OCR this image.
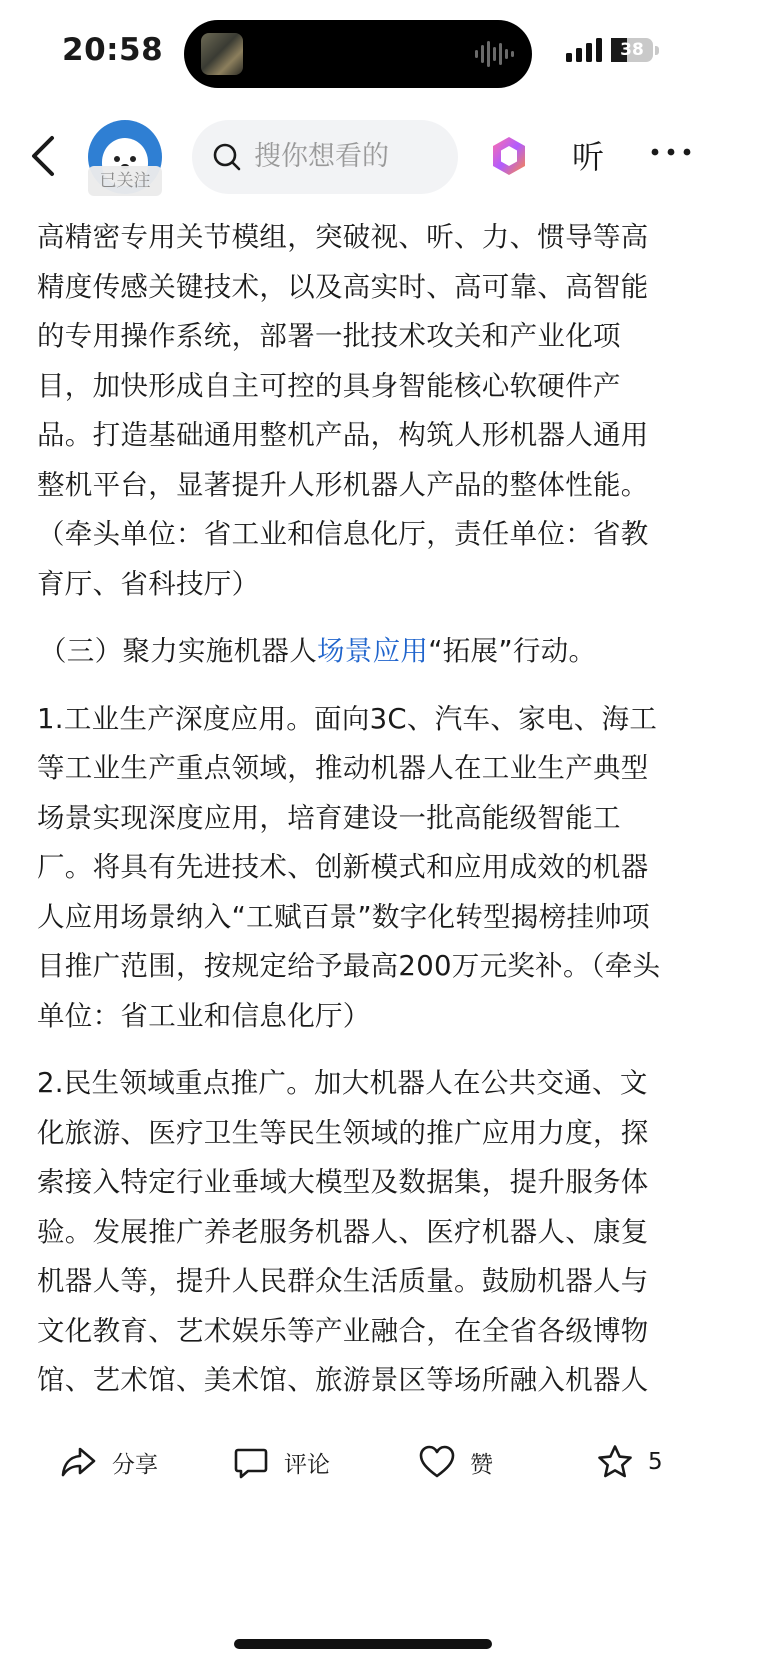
20:58	38
已关注
搜你想看的
听

高精密专用关节模组，突破视、听、力、惯导等高精度传感关键技术，以及高实时、高可靠、高智能的专用操作系统，部署一批技术攻关和产业化项目，加快形成自主可控的具身智能核心软硬件产品。打造基础通用整机产品，构筑人形机器人通用整机平台，显著提升人形机器人产品的整体性能。（牵头单位：省工业和信息化厅，责任单位：省教育厅、省科技厅）

（三）聚力实施机器人场景应用“拓展”行动。

1.工业生产深度应用。面向3C、汽车、家电、海工等工业生产重点领域，推动机器人在工业生产典型场景实现深度应用，培育建设一批高能级智能工厂。将具有先进技术、创新模式和应用成效的机器人应用场景纳入“工赋百景”数字化转型揭榜挂帅项目推广范围，按规定给予最高200万元奖补。（牵头单位：省工业和信息化厅）

2.民生领域重点推广。加大机器人在公共交通、文化旅游、医疗卫生等民生领域的推广应用力度，探索接入特定行业垂域大模型及数据集，提升服务体验。发展推广养老服务机器人、医疗机器人、康复机器人等，提升人民群众生活质量。鼓励机器人与文化教育、艺术娱乐等产业融合，在全省各级博物馆、艺术馆、美术馆、旅游景区等场所融入机器人

分享	评论	赞	5
